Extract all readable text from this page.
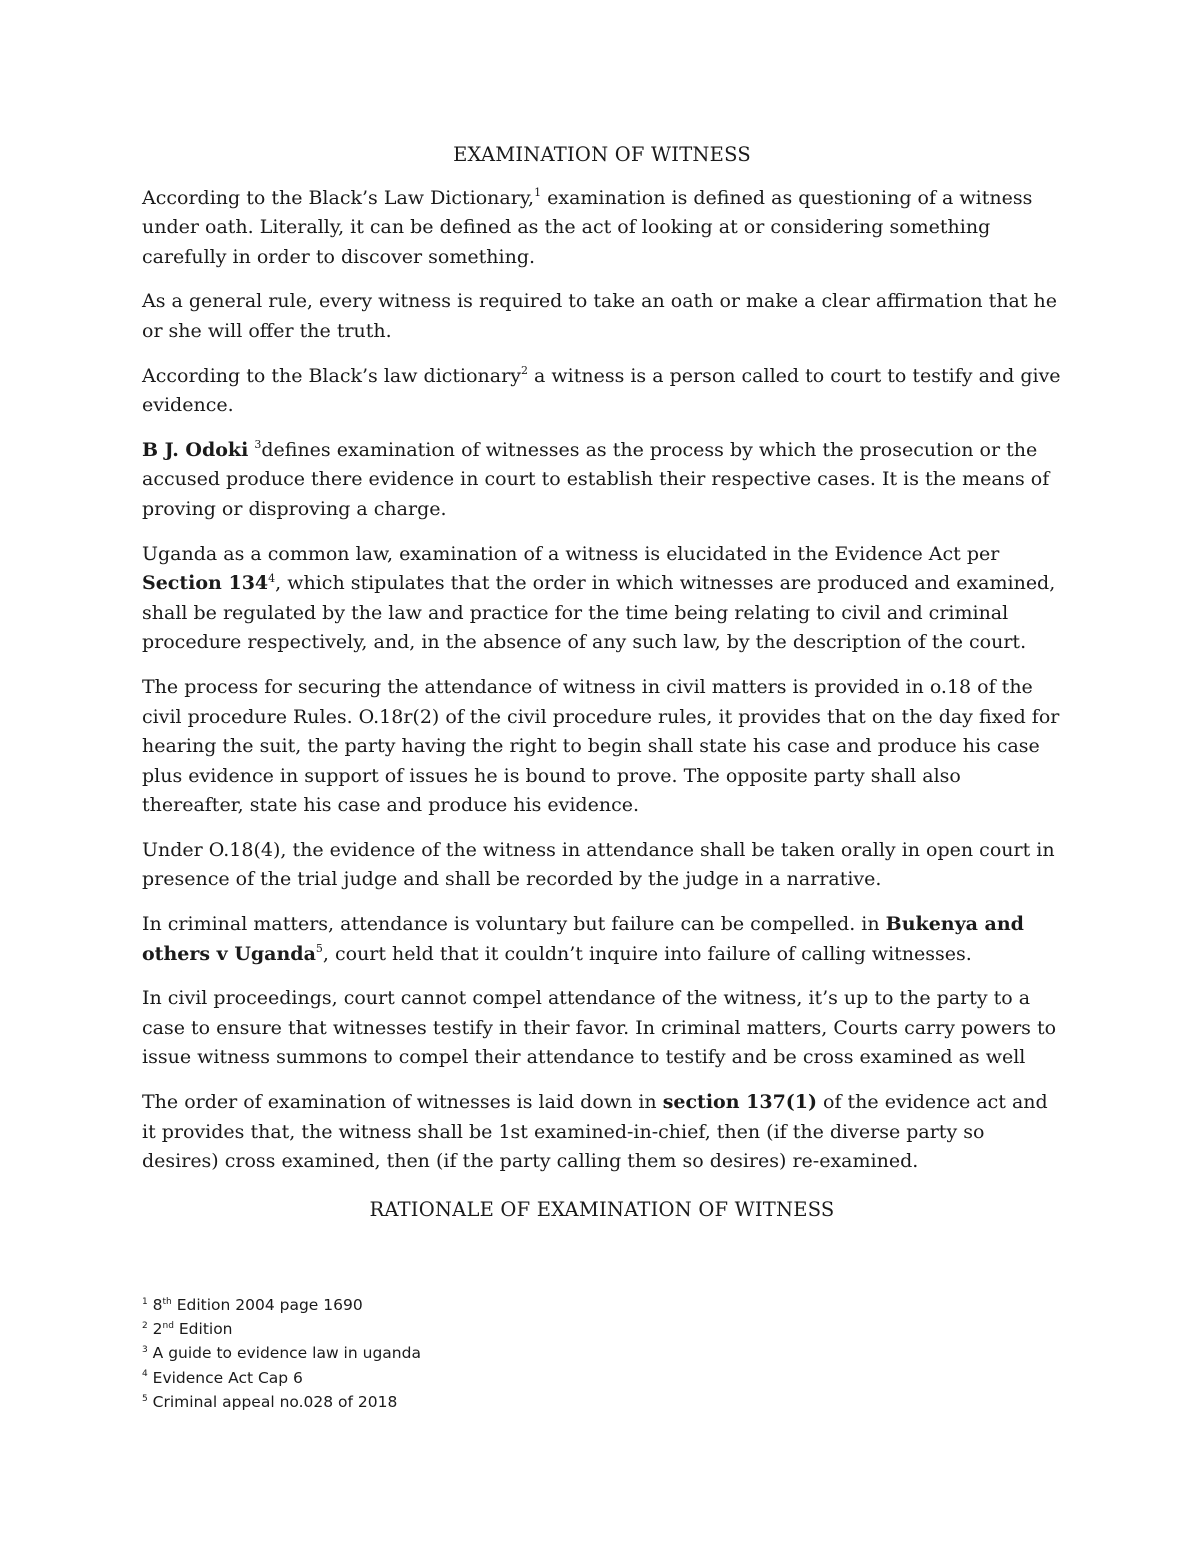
EXAMINATION OF WITNESS

According to the Black’s Law Dictionary,$^1$ examination is defined as questioning of a witness under oath. Literally, it can be defined as the act of looking at or considering something carefully in order to discover something.

As a general rule, every witness is required to take an oath or make a clear affirmation that he or she will offer the truth.

According to the Black’s law dictionary$^2$ a witness is a person called to court to testify and give evidence.

B J. Odoki $^3$defines examination of witnesses as the process by which the prosecution or the accused produce there evidence in court to establish their respective cases. It is the means of proving or disproving a charge.

Uganda as a common law, examination of a witness is elucidated in the Evidence Act per Section $134^4$, which stipulates that the order in which witnesses are produced and examined, shall be regulated by the law and practice for the time being relating to civil and criminal procedure respectively, and, in the absence of any such law, by the description of the court.

The process for securing the attendance of witness in civil matters is provided in o.18 of the civil procedure Rules. O.18r(2) of the civil procedure rules, it provides that on the day fixed for hearing the suit, the party having the right to begin shall state his case and produce his case plus evidence in support of issues he is bound to prove. The opposite party shall also thereafter, state his case and produce his evidence.

Under O.18(4), the evidence of the witness in attendance shall be taken orally in open court in presence of the trial judge and shall be recorded by the judge in a narrative.

In criminal matters, attendance is voluntary but failure can be compelled. in Bukenya and others v Uganda$^5$, court held that it couldn’t inquire into failure of calling witnesses.

In civil proceedings, court cannot compel attendance of the witness, it’s up to the party to a case to ensure that witnesses testify in their favor. In criminal matters, Courts carry powers to issue witness summons to compel their attendance to testify and be cross examined as well

The order of examination of witnesses is laid down in section 137(1) of the evidence act and it provides that, the witness shall be 1st examined-in-chief, then (if the diverse party so desires) cross examined, then (if the party calling them so desires) re-examined.

RATIONALE OF EXAMINATION OF WITNESS

$^1$ 8th Edition 2004 page 1690

$^2$ 2nd Edition

$^3$ A guide to evidence law in uganda

$^4$ Evidence Act Cap 6

$^5$ Criminal appeal no.028 of 2018
